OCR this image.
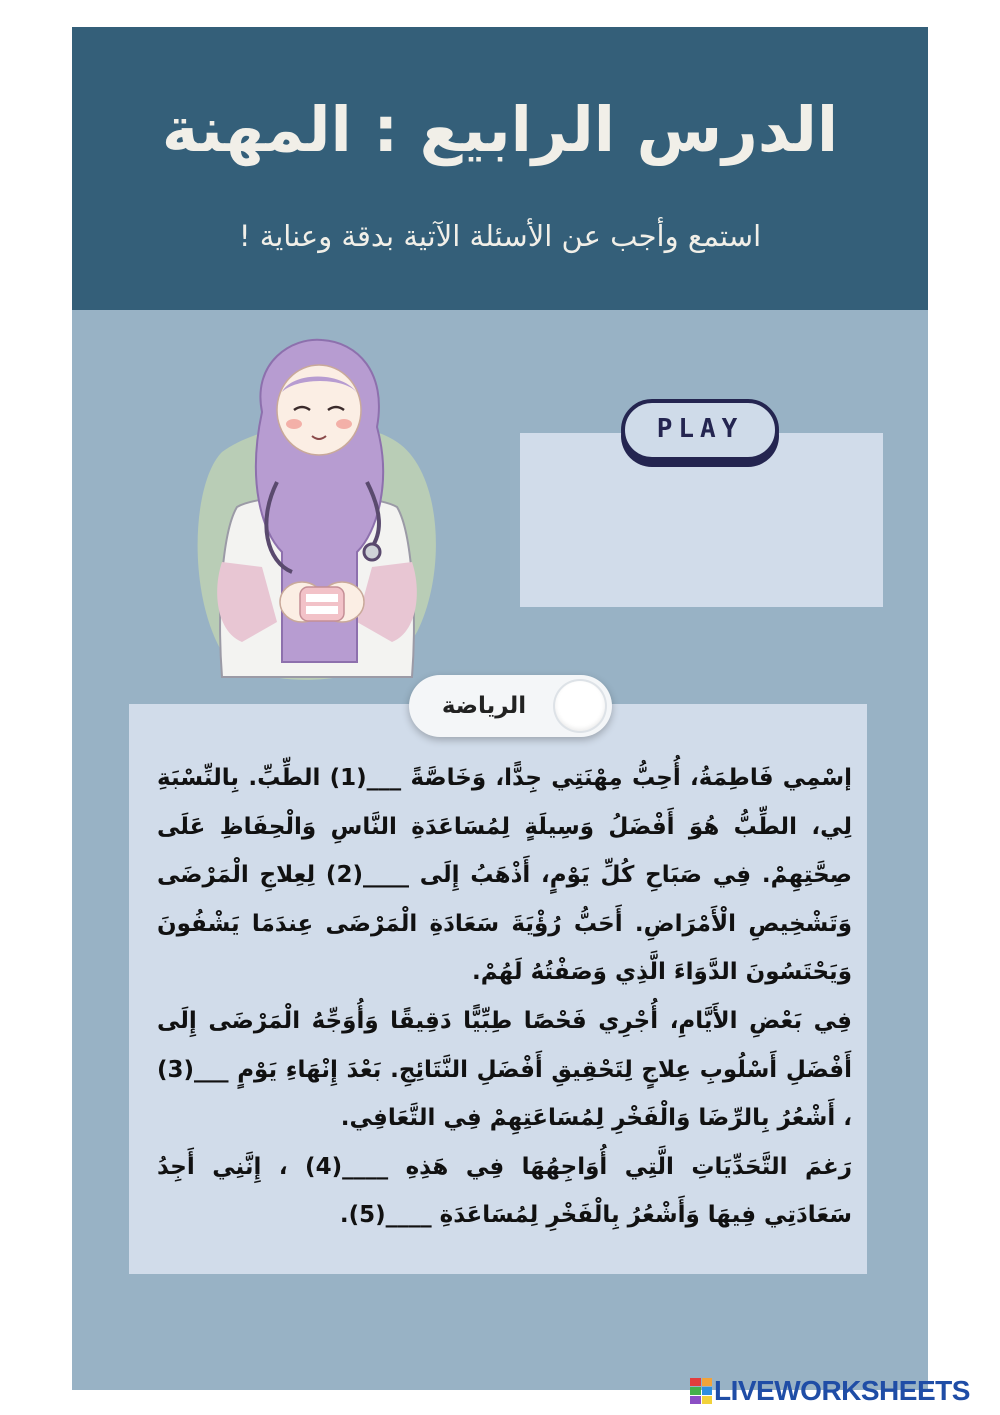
الدرس الرابيع : المهنة
استمع وأجب عن الأسئلة الآتية بدقة وعناية !
PLAY
الرياضة

إسْمِي فَاطِمَةُ، أُحِبُّ مِهْنَتِي جِدًّا، وَخَاصَّةً ___(1) الطِّبِّ. بِالنِّسْبَةِ لِي، الطِّبُّ هُوَ أَفْضَلُ وَسِيلَةٍ لِمُسَاعَدَةِ النَّاسِ وَالْحِفَاظِ عَلَى صِحَّتِهِمْ. فِي صَبَاحِ كُلِّ يَوْمٍ، أَذْهَبُ إِلَى ____(2) لِعِلاجِ الْمَرْضَى وَتَشْخِيصِ الْأَمْرَاضِ. أَحَبُّ رُؤْيَةَ سَعَادَةِ الْمَرْضَى عِندَمَا يَشْفُونَ وَيَحْتَسُونَ الدَّوَاءَ الَّذِي وَصَفْتُهُ لَهُمْ.

فِي بَعْضِ الأَيَّامِ، أُجْرِي فَحْصًا طِبِّيًّا دَقِيقًا وَأُوَجِّهُ الْمَرْضَى إِلَى أَفْضَلِ أَسْلُوبِ عِلاجٍ لِتَحْقِيقِ أَفْضَلِ النَّتَائِجِ. بَعْدَ إِنْهَاءِ يَوْمٍ ___(3) ، أَشْعُرُ بِالرِّضَا وَالْفَخْرِ لِمُسَاعَتِهِمْ فِي التَّعَافِي.

رَغمَ التَّحَدِّيَاتِ الَّتِي أُوَاجِهُهَا فِي هَذِهِ ____(4) ، إِنَّنِي أَجِدُ سَعَادَتِي فِيهَا وَأَشْعُرُ بِالْفَخْرِ لِمُسَاعَدَةِ ____(5).

LIVEWORKSHEETS
